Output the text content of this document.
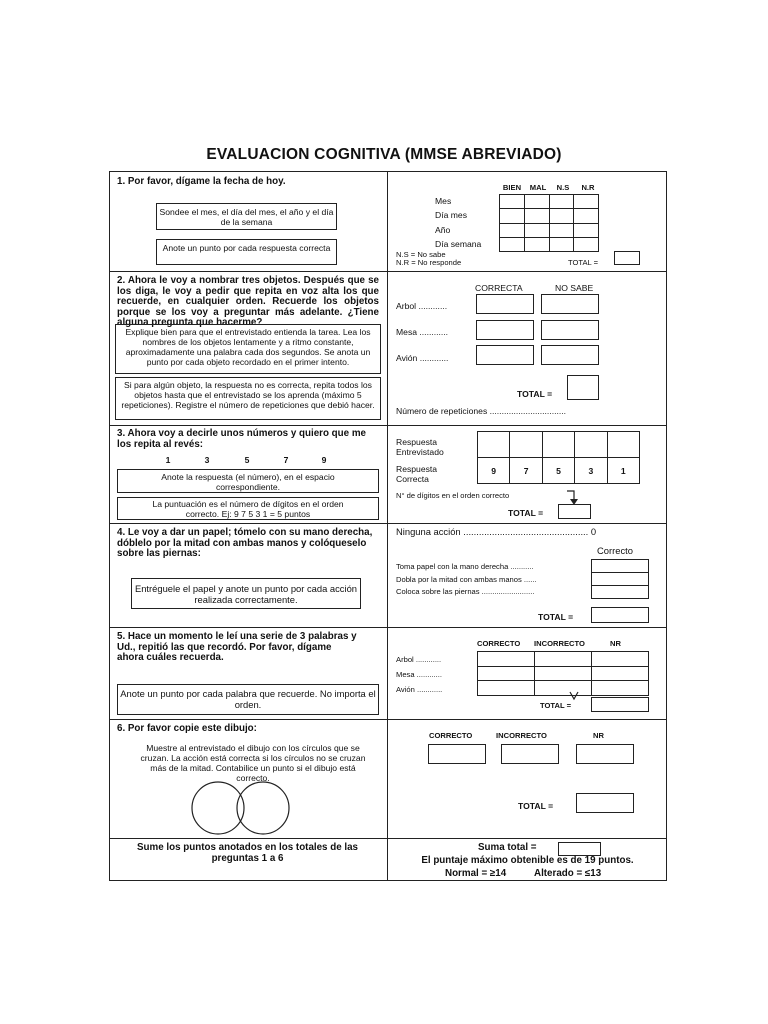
EVALUACION COGNITIVA (MMSE ABREVIADO)
1. Por favor, dígame la fecha de hoy.
Sondee el mes, el día del mes, el año y el día de la semana
Anote un punto por cada respuesta correcta
BIEN	MAL	N.S	N.R
Mes
Día mes
Año
Día semana

N.S = No sabe
N.R = No responde	TOTAL =
2. Ahora le voy a nombrar tres objetos. Después que se los diga, le voy a pedir que repita en voz alta los que recuerde, en cualquier orden. Recuerde los objetos porque se los voy a preguntar más adelante. ¿Tiene alguna pregunta que hacerme?
Explique bien para que el entrevistado entienda la tarea. Lea los nombres de los objetos lentamente y a ritmo constante, aproximadamente una palabra cada dos segundos. Se anota un punto por cada objeto recordado en el primer intento.
Si para algún objeto, la respuesta no es correcta, repita todos los objetos hasta que el entrevistado se los aprenda (máximo 5 repeticiones). Registre el número de repeticiones que debió hacer.
CORRECTA	NO SABE
Arbol ............
Mesa ............
Avión ............
TOTAL =
Número de repeticiones ................................
3. Ahora voy a decirle unos números y quiero que me los repita al revés:
1	3	5	7	9
Anote la respuesta (el número), en el espacio correspondiente.
La puntuación es el número de dígitos en el orden correcto. Ej: 9 7 5 3 1 = 5 puntos
Respuesta Entrevistado
Respuesta Correcta

9	7	5	3	1
N° de dígitos en el orden correcto
TOTAL =
4. Le voy a dar un papel; tómelo con su mano derecha, dóblelo por la mitad con ambas manos y colóqueselo sobre las piernas:
Entréguele el papel y anote un punto por cada acción realizada correctamente.
Ninguna acción ................................................ 0
Correcto
Toma papel con la mano derecha ...........
Dobla por la mitad con ambas manos ......
Coloca sobre las piernas .........................

TOTAL =
5. Hace un momento le leí una serie de 3 palabras y Ud., repitió las que recordó. Por favor, dígame ahora cuáles recuerda.
Anote un punto por cada palabra que recuerde. No importa el orden.
CORRECTO INCORRECTO	NR
Arbol ............
Mesa ............
Avión ............

TOTAL =
6. Por favor copie este dibujo:
Muestre al entrevistado el dibujo con los círculos que se cruzan. La acción está correcta si los círculos no se cruzan más de la mitad. Contabilice un punto si el dibujo está correcto.
CORRECTO	INCORRECTO	NR
TOTAL =
Sume los puntos anotados en los totales de las preguntas 1 a 6
Suma total =
El puntaje máximo obtenible es de 19 puntos.
Normal = ≥14	Alterado = ≤13
